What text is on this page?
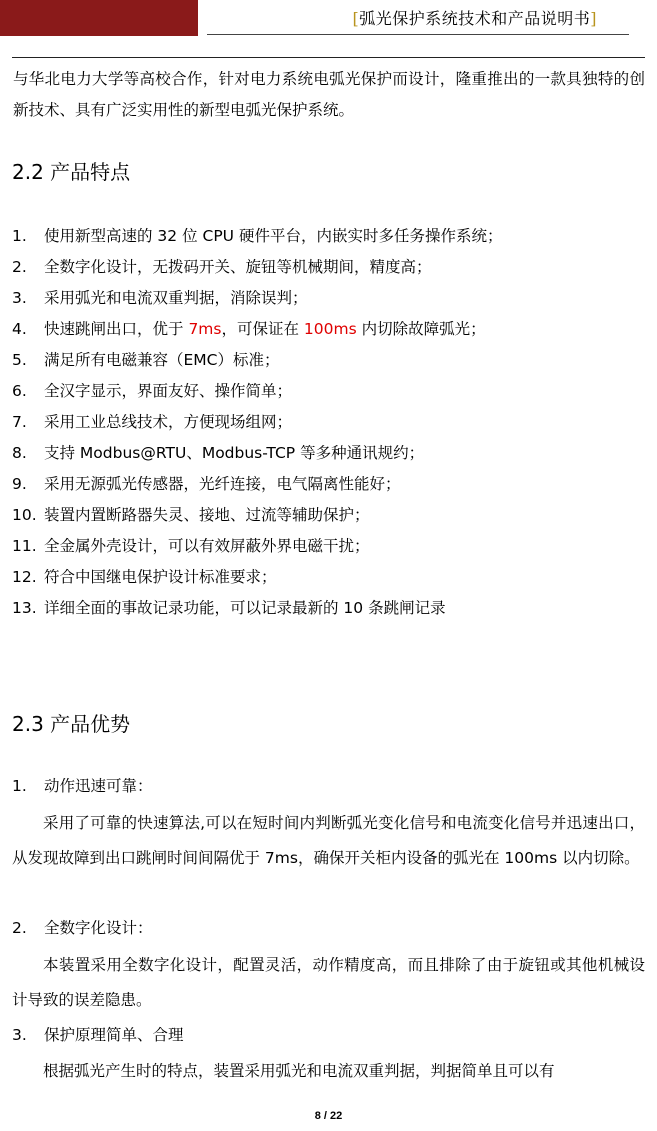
[弧光保护系统技术和产品说明书]
与华北电力大学等高校合作，针对电力系统电弧光保护而设计，隆重推出的一款具独特的创新技术、具有广泛实用性的新型电弧光保护系统。
2.2 产品特点
1. 使用新型高速的 32 位 CPU 硬件平台，内嵌实时多任务操作系统；
2. 全数字化设计，无拨码开关、旋钮等机械期间，精度高；
3. 采用弧光和电流双重判据，消除误判；
4. 快速跳闸出口，优于 7ms，可保证在 100ms 内切除故障弧光；
5. 满足所有电磁兼容（EMC）标准；
6. 全汉字显示，界面友好、操作简单；
7. 采用工业总线技术，方便现场组网；
8. 支持 Modbus@RTU、Modbus-TCP 等多种通讯规约；
9. 采用无源弧光传感器，光纤连接，电气隔离性能好；
10. 装置内置断路器失灵、接地、过流等辅助保护；
11. 全金属外壳设计，可以有效屏蔽外界电磁干扰；
12. 符合中国继电保护设计标准要求；
13. 详细全面的事故记录功能，可以记录最新的 10 条跳闸记录
2.3 产品优势
1. 动作迅速可靠：

采用了可靠的快速算法,可以在短时间内判断弧光变化信号和电流变化信号并迅速出口，从发现故障到出口跳闸时间间隔优于 7ms，确保开关柜内设备的弧光在 100ms 以内切除。

2. 全数字化设计：

本装置采用全数字化设计，配置灵活，动作精度高，而且排除了由于旋钮或其他机械设计导致的误差隐患。

3. 保护原理简单、合理

根据弧光产生时的特点，装置采用弧光和电流双重判据，判据简单且可以有

8 / 22
